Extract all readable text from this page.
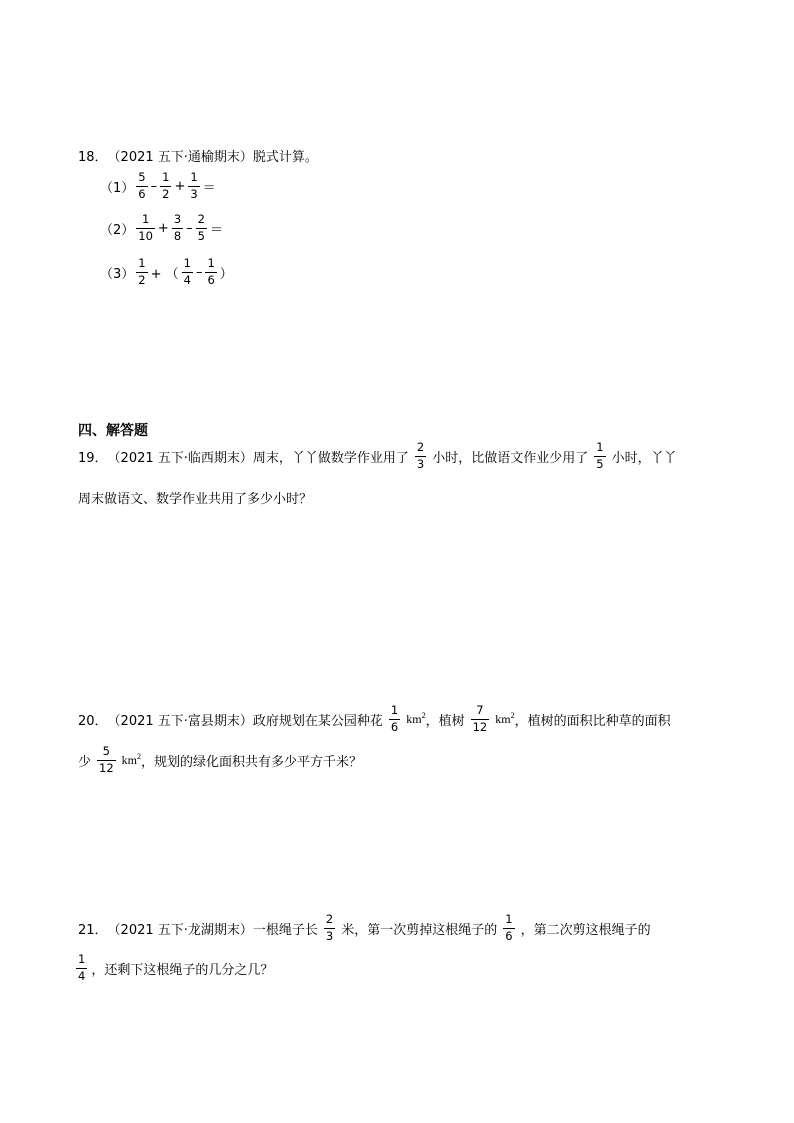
18． （2021 五下·通榆期末） 脱式计算。
$(1) \frac{5}{6} - \frac{1}{2} + \frac{1}{3}$ ＝
$(2) \frac{1}{10} + \frac{3}{8} - \frac{2}{5}$ ＝
$(3) \frac{1}{2}$ + （ $\frac{1}{4} - \frac{1}{6}$ ）
四、解答题
19． （2021 五下·临西期末） 周末，丫丫做数学作业用了 $\frac{2}{3}$ 小时，比做语文作业少用了 $\frac{1}{5}$ 小时，丫丫
周末做语文、数学作业共用了多少小时？
20． （2021 五下·富县期末） 政府规划在某公园种花 $\frac{1}{6} km^2$ ，植树 $\frac{7}{12} km^2$ ，植树的面积比种草的面积
少 $\frac{5}{12} km^2$ ，规划的绿化面积共有多少平方千米？
21． （2021 五下·龙湖期末） 一根绳子长 $\frac{2}{3}$ 米，第一次剪掉这根绳子的 $\frac{1}{6}$ ，第二次剪这根绳子的
$\frac{1}{4}$ ，还剩下这根绳子的几分之几？
